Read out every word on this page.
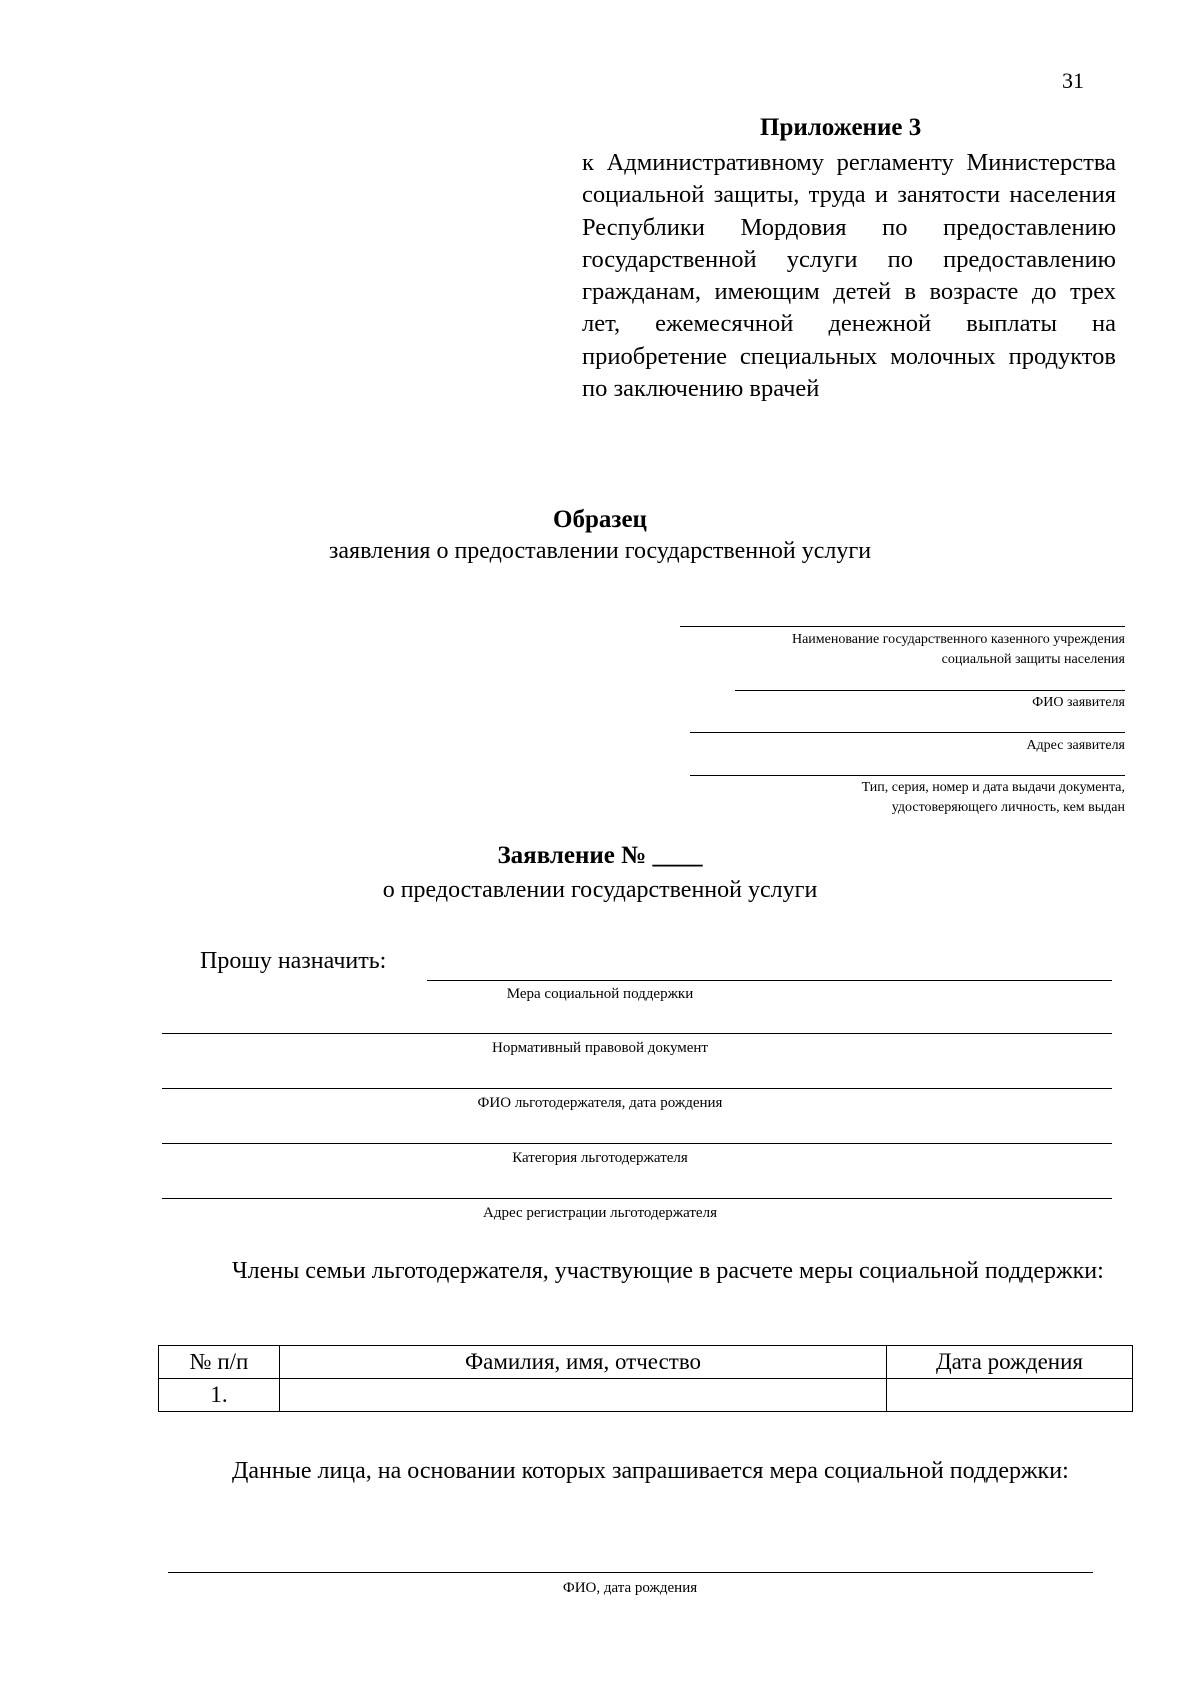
31
Приложение 3
к Административному регламенту Министерства социальной защиты, труда и занятости населения Республики Мордовия по предоставлению государственной услуги по предоставлению гражданам, имеющим детей в возрасте до трех лет, ежемесячной денежной выплаты на приобретение специальных молочных продуктов по заключению врачей
Образец
заявления о предоставлении государственной услуги
Наименование государственного казенного учреждения
социальной защиты населения
ФИО заявителя
Адрес заявителя
Тип, серия, номер и дата выдачи документа,
удостоверяющего личность, кем выдан
Заявление № ____
о предоставлении государственной услуги
Прошу назначить:
Мера социальной поддержки
Нормативный правовой документ
ФИО льготодержателя, дата рождения
Категория льготодержателя
Адрес регистрации льготодержателя
Члены семьи льготодержателя, участвующие в расчете меры социальной поддержки:
№ п/п	Фамилия, имя, отчество	Дата рождения
1.		
Данные лица, на основании которых запрашивается мера социальной поддержки:
ФИО, дата рождения
